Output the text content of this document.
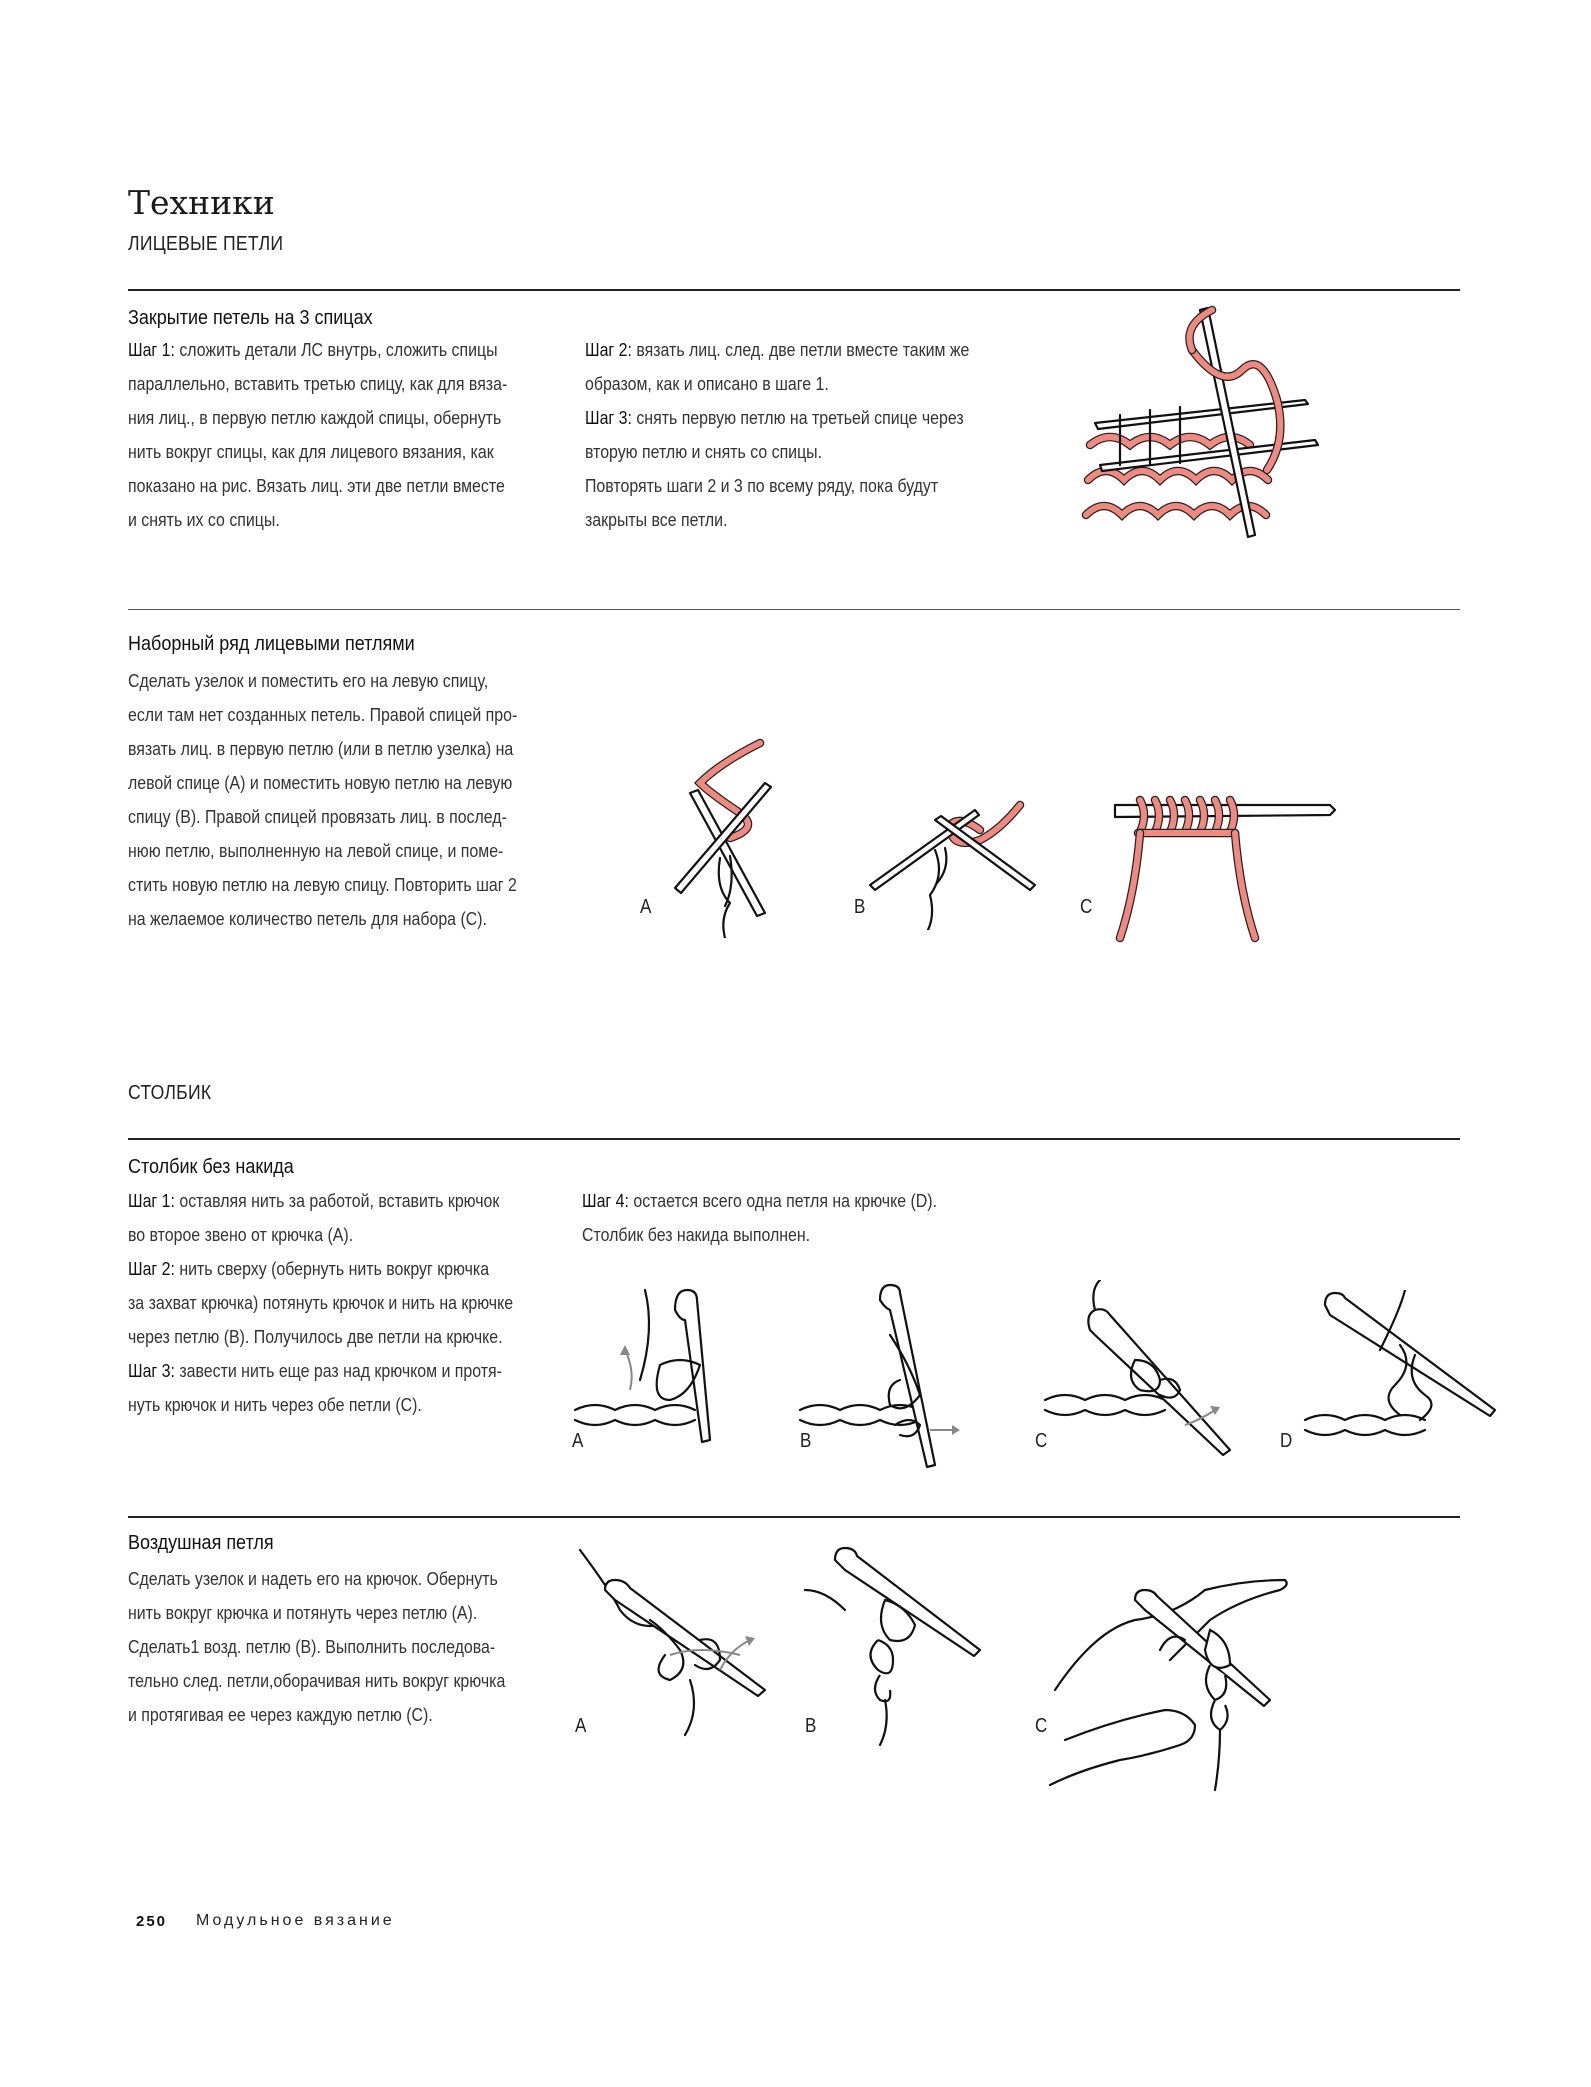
Техники
ЛИЦЕВЫЕ ПЕТЛИ
Закрытие петель на 3 спицах
Шаг 1: сложить детали ЛС внутрь, сложить спицы
параллельно, вставить третью спицу, как для вяза-
ния лиц., в первую петлю каждой спицы, обернуть
нить вокруг спицы, как для лицевого вязания, как
показано на рис. Вязать лиц. эти две петли вместе
и снять их со спицы.
Шаг 2: вязать лиц. след. две петли вместе таким же
образом, как и описано в шаге 1.
Шаг 3: снять первую петлю на третьей спице через
вторую петлю и снять со спицы.
Повторять шаги 2 и 3 по всему ряду, пока будут
закрыты все петли.
Наборный ряд лицевыми петлями
Сделать узелок и поместить его на левую спицу,
если там нет созданных петель. Правой спицей про-
вязать лиц. в первую петлю (или в петлю узелка) на
левой спице (А) и поместить новую петлю на левую
спицу (В). Правой спицей провязать лиц. в послед-
нюю петлю, выполненную на левой спице, и поме-
стить новую петлю на левую спицу. Повторить шаг 2
на желаемое количество петель для набора (С).
A	B	C
СТОЛБИК
Столбик без накида
Шаг 1: оставляя нить за работой, вставить крючок
во второе звено от крючка (А).
Шаг 2: нить сверху (обернуть нить вокруг крючка
за захват крючка) потянуть крючок и нить на крючке
через петлю (В). Получилось две петли на крючке.
Шаг 3: завести нить еще раз над крючком и протя-
нуть крючок и нить через обе петли (С).
Шаг 4: остается всего одна петля на крючке (D).
Столбик без накида выполнен.
A	B	C	D
Воздушная петля
Сделать узелок и надеть его на крючок. Обернуть
нить вокруг крючка и потянуть через петлю (А).
Сделать1 возд. петлю (В). Выполнить последова-
тельно след. петли,оборачивая нить вокруг крючка
и протягивая ее через каждую петлю (С).
A	B	C
250 Модульное вязание
